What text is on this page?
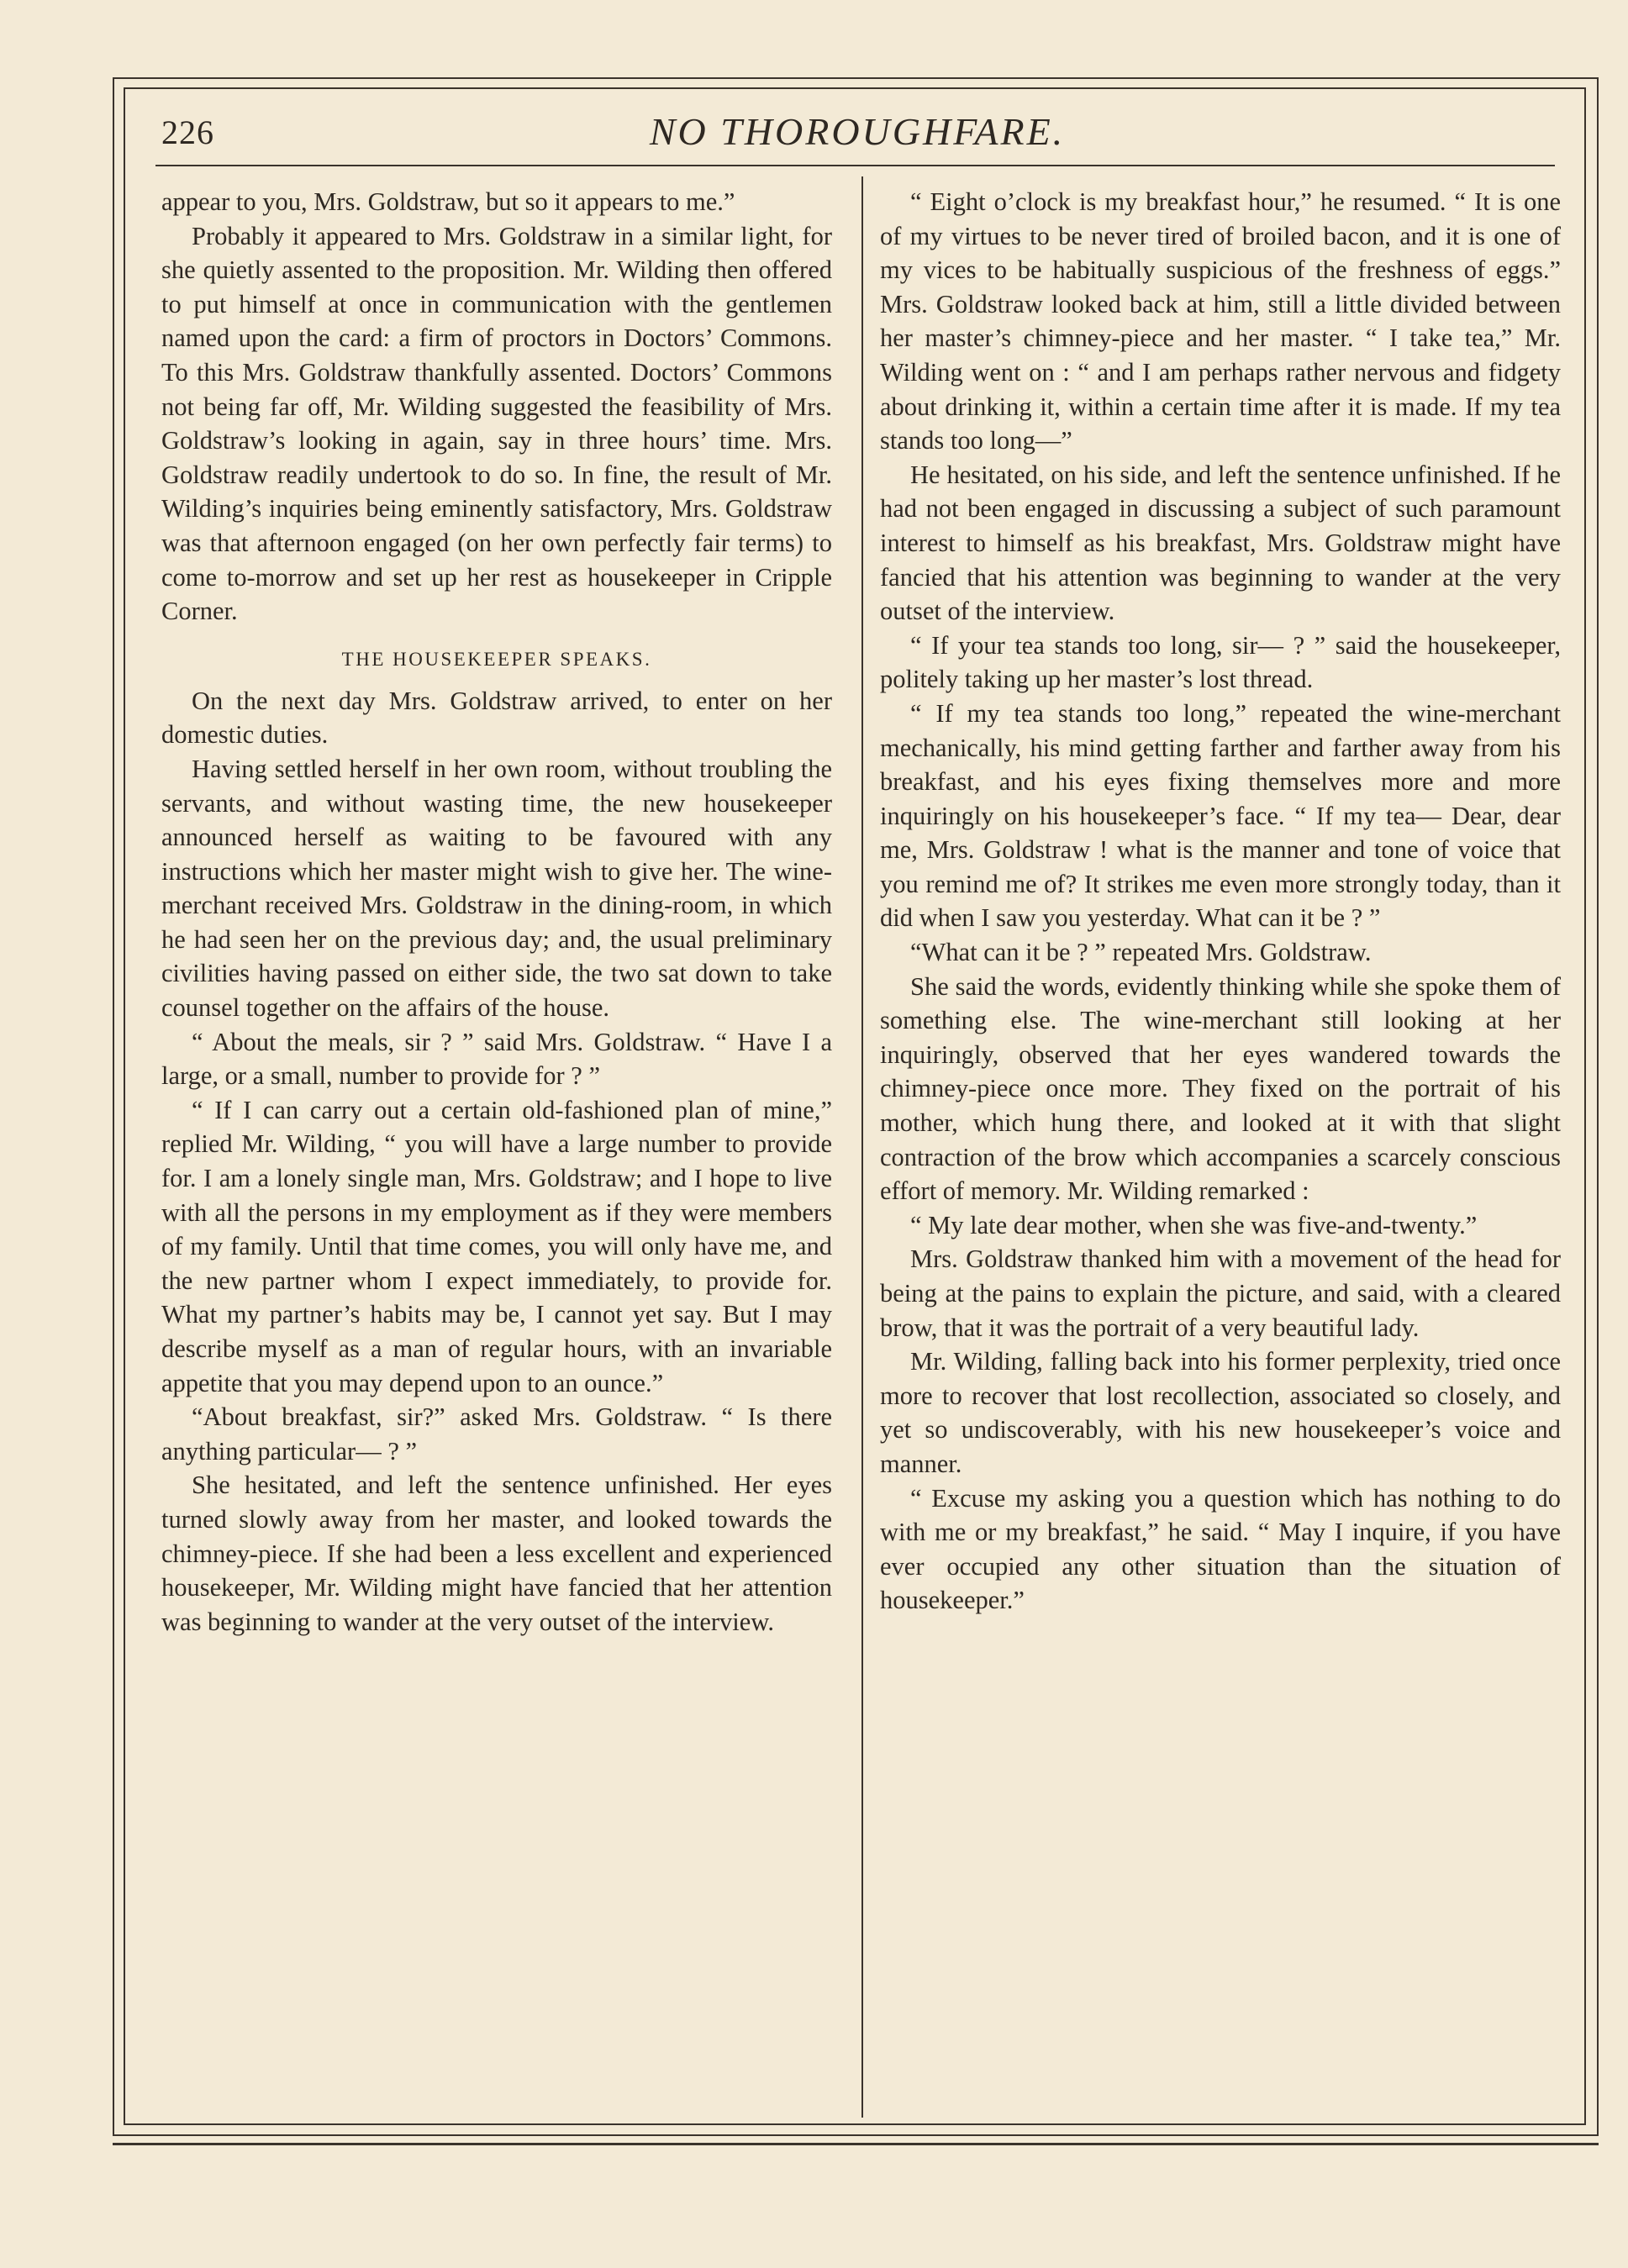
226	NO THOROUGHFARE.

appear to you, Mrs. Goldstraw, but so it appears to me.”

Probably it appeared to Mrs. Goldstraw in a similar light, for she quietly assented to the proposition. Mr. Wilding then offered to put himself at once in communication with the gentlemen named upon the card: a firm of proctors in Doctors’ Commons. To this Mrs. Goldstraw thankfully assented. Doctors’ Commons not being far off, Mr. Wilding suggested the feasibility of Mrs. Goldstraw’s looking in again, say in three hours’ time. Mrs. Goldstraw readily undertook to do so. In fine, the result of Mr. Wilding’s inquiries being eminently satisfactory, Mrs. Goldstraw was that afternoon engaged (on her own perfectly fair terms) to come to-morrow and set up her rest as housekeeper in Cripple Corner.

THE HOUSEKEEPER SPEAKS.

On the next day Mrs. Goldstraw arrived, to enter on her domestic duties.

Having settled herself in her own room, without troubling the servants, and without wasting time, the new housekeeper announced herself as waiting to be favoured with any instructions which her master might wish to give her. The wine-merchant received Mrs. Goldstraw in the dining-room, in which he had seen her on the previous day; and, the usual preliminary civilities having passed on either side, the two sat down to take counsel together on the affairs of the house.

“ About the meals, sir ? ” said Mrs. Goldstraw. “ Have I a large, or a small, number to provide for ? ”

“ If I can carry out a certain old-fashioned plan of mine,” replied Mr. Wilding, “ you will have a large number to provide for. I am a lonely single man, Mrs. Goldstraw; and I hope to live with all the persons in my employment as if they were members of my family. Until that time comes, you will only have me, and the new partner whom I expect immediately, to provide for. What my partner’s habits may be, I cannot yet say. But I may describe myself as a man of regular hours, with an invariable appetite that you may depend upon to an ounce.”

“About breakfast, sir?” asked Mrs. Goldstraw. “ Is there anything particular— ? ”

She hesitated, and left the sentence unfinished. Her eyes turned slowly away from her master, and looked towards the chimney-piece. If she had been a less excellent and experienced housekeeper, Mr. Wilding might have fancied that her attention was beginning to wander at the very outset of the interview.

“ Eight o’clock is my breakfast hour,” he resumed. “ It is one of my virtues to be never tired of broiled bacon, and it is one of my vices to be habitually suspicious of the freshness of eggs.” Mrs. Goldstraw looked back at him, still a little divided between her master’s chimney-piece and her master. “ I take tea,” Mr. Wilding went on : “ and I am perhaps rather nervous and fidgety about drinking it, within a certain time after it is made. If my tea stands too long—”

He hesitated, on his side, and left the sentence unfinished. If he had not been engaged in discussing a subject of such paramount interest to himself as his breakfast, Mrs. Goldstraw might have fancied that his attention was beginning to wander at the very outset of the interview.

“ If your tea stands too long, sir— ? ” said the housekeeper, politely taking up her master’s lost thread.

“ If my tea stands too long,” repeated the wine-merchant mechanically, his mind getting farther and farther away from his breakfast, and his eyes fixing themselves more and more inquiringly on his housekeeper’s face. “ If my tea— Dear, dear me, Mrs. Goldstraw ! what is the manner and tone of voice that you remind me of? It strikes me even more strongly today, than it did when I saw you yesterday. What can it be ? ”

“What can it be ? ” repeated Mrs. Goldstraw.

She said the words, evidently thinking while she spoke them of something else. The wine-merchant still looking at her inquiringly, observed that her eyes wandered towards the chimney-piece once more. They fixed on the portrait of his mother, which hung there, and looked at it with that slight contraction of the brow which accompanies a scarcely conscious effort of memory. Mr. Wilding remarked :

“ My late dear mother, when she was five-and-twenty.”

Mrs. Goldstraw thanked him with a movement of the head for being at the pains to explain the picture, and said, with a cleared brow, that it was the portrait of a very beautiful lady.

Mr. Wilding, falling back into his former perplexity, tried once more to recover that lost recollection, associated so closely, and yet so undiscoverably, with his new housekeeper’s voice and manner.

“ Excuse my asking you a question which has nothing to do with me or my breakfast,” he said. “ May I inquire, if you have ever occupied any other situation than the situation of housekeeper.”
